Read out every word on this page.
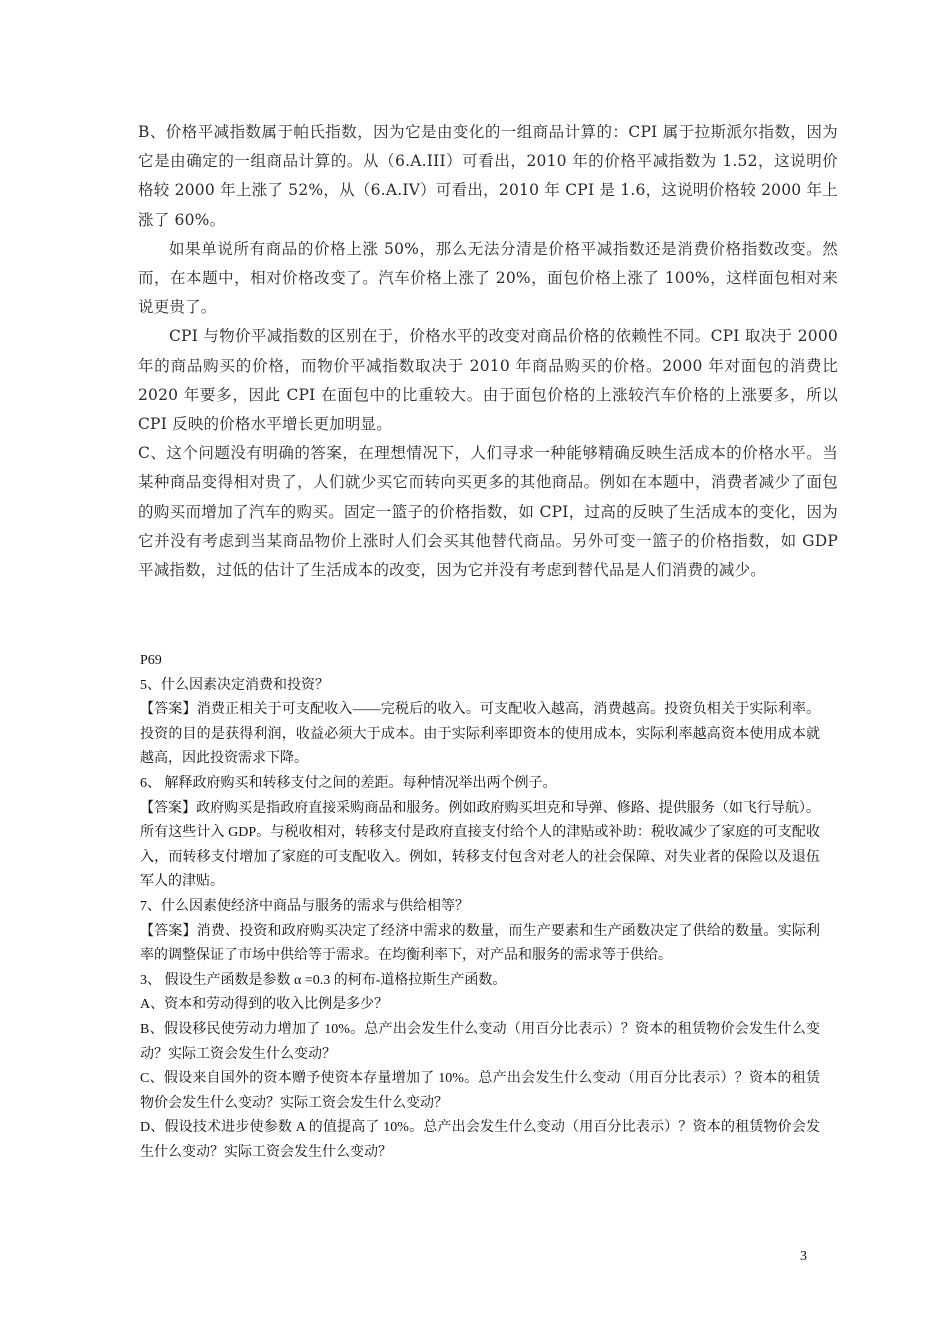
B、价格平减指数属于帕氏指数，因为它是由变化的一组商品计算的：CPI 属于拉斯派尔指数，因为它是由确定的一组商品计算的。从（6.A.III）可看出，2010 年的价格平减指数为 1.52，这说明价格较 2000 年上涨了 52%，从（6.A.IV）可看出，2010 年 CPI 是 1.6，这说明价格较 2000 年上涨了 60%。

如果单说所有商品的价格上涨 50%，那么无法分清是价格平减指数还是消费价格指数改变。然而，在本题中，相对价格改变了。汽车价格上涨了 20%，面包价格上涨了 100%，这样面包相对来说更贵了。

CPI 与物价平减指数的区别在于，价格水平的改变对商品价格的依赖性不同。CPI 取决于 2000 年的商品购买的价格，而物价平减指数取决于 2010 年商品购买的价格。2000 年对面包的消费比 2020 年要多，因此 CPI 在面包中的比重较大。由于面包价格的上涨较汽车价格的上涨要多，所以 CPI 反映的价格水平增长更加明显。

C、这个问题没有明确的答案，在理想情况下，人们寻求一种能够精确反映生活成本的价格水平。当某种商品变得相对贵了，人们就少买它而转向买更多的其他商品。例如在本题中，消费者减少了面包的购买而增加了汽车的购买。固定一篮子的价格指数，如 CPI，过高的反映了生活成本的变化，因为它并没有考虑到当某商品物价上涨时人们会买其他替代商品。另外可变一篮子的价格指数，如 GDP 平减指数，过低的估计了生活成本的改变，因为它并没有考虑到替代品是人们消费的减少。

P69

5、什么因素决定消费和投资？

【答案】消费正相关于可支配收入——完税后的收入。可支配收入越高，消费越高。投资负相关于实际利率。投资的目的是获得利润，收益必须大于成本。由于实际利率即资本的使用成本，实际利率越高资本使用成本就越高，因此投资需求下降。

6、 解释政府购买和转移支付之间的差距。每种情况举出两个例子。

【答案】政府购买是指政府直接采购商品和服务。例如政府购买坦克和导弹、修路、提供服务（如飞行导航）。所有这些计入 GDP。与税收相对，转移支付是政府直接支付给个人的津贴或补助：税收减少了家庭的可支配收入，而转移支付增加了家庭的可支配收入。例如，转移支付包含对老人的社会保障、对失业者的保险以及退伍军人的津贴。

7、什么因素使经济中商品与服务的需求与供给相等？

【答案】消费、投资和政府购买决定了经济中需求的数量，而生产要素和生产函数决定了供给的数量。实际利率的调整保证了市场中供给等于需求。在均衡利率下，对产品和服务的需求等于供给。

3、 假设生产函数是参数 α =0.3 的柯布-道格拉斯生产函数。

A、资本和劳动得到的收入比例是多少？

B、假设移民使劳动力增加了 10%。总产出会发生什么变动（用百分比表示）？资本的租赁物价会发生什么变动？实际工资会发生什么变动？

C、假设来自国外的资本赠予使资本存量增加了 10%。总产出会发生什么变动（用百分比表示）？资本的租赁物价会发生什么变动？实际工资会发生什么变动？

D、假设技术进步使参数 A 的值提高了 10%。总产出会发生什么变动（用百分比表示）？资本的租赁物价会发生什么变动？实际工资会发生什么变动？

3
